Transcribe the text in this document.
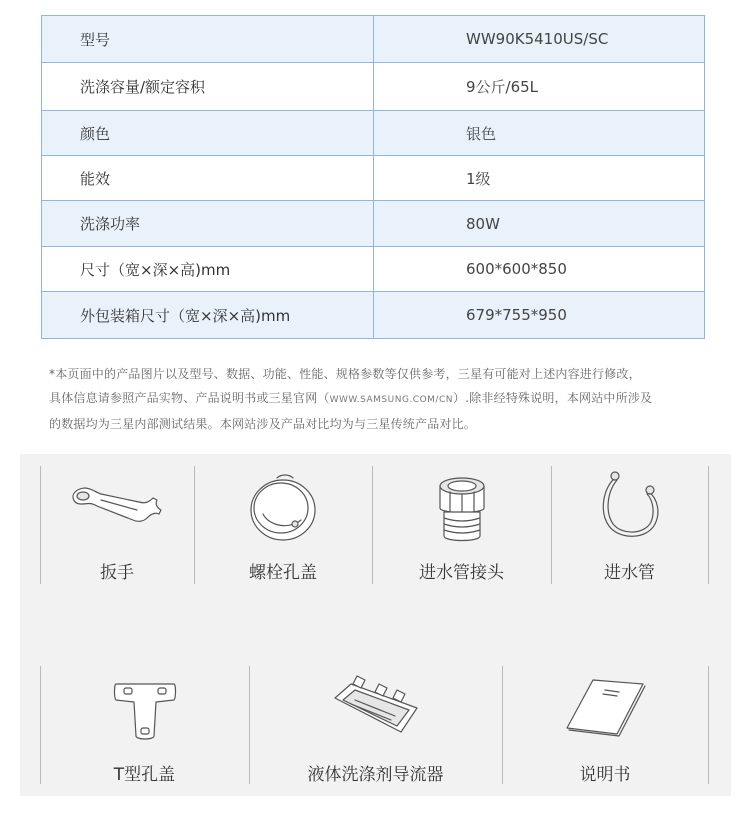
型号	WW90K5410US/SC
洗涤容量/额定容积	9公斤/65L
颜色	银色
能效	1级
洗涤功率	80W
尺寸（宽×深×高)mm	600*600*850
外包装箱尺寸（宽×深×高)mm	679*755*950
*本页面中的产品图片以及型号、数据、功能、性能、规格参数等仅供参考，三星有可能对上述内容进行修改，
具体信息请参照产品实物、产品说明书或三星官网（WWW.SAMSUNG.COM/CN）.除非经特殊说明，本网站中所涉及
的数据均为三星内部测试结果。本网站涉及产品对比均为与三星传统产品对比。
扳手	螺栓孔盖	进水管接头	进水管
T型孔盖	液体洗涤剂导流器	说明书
